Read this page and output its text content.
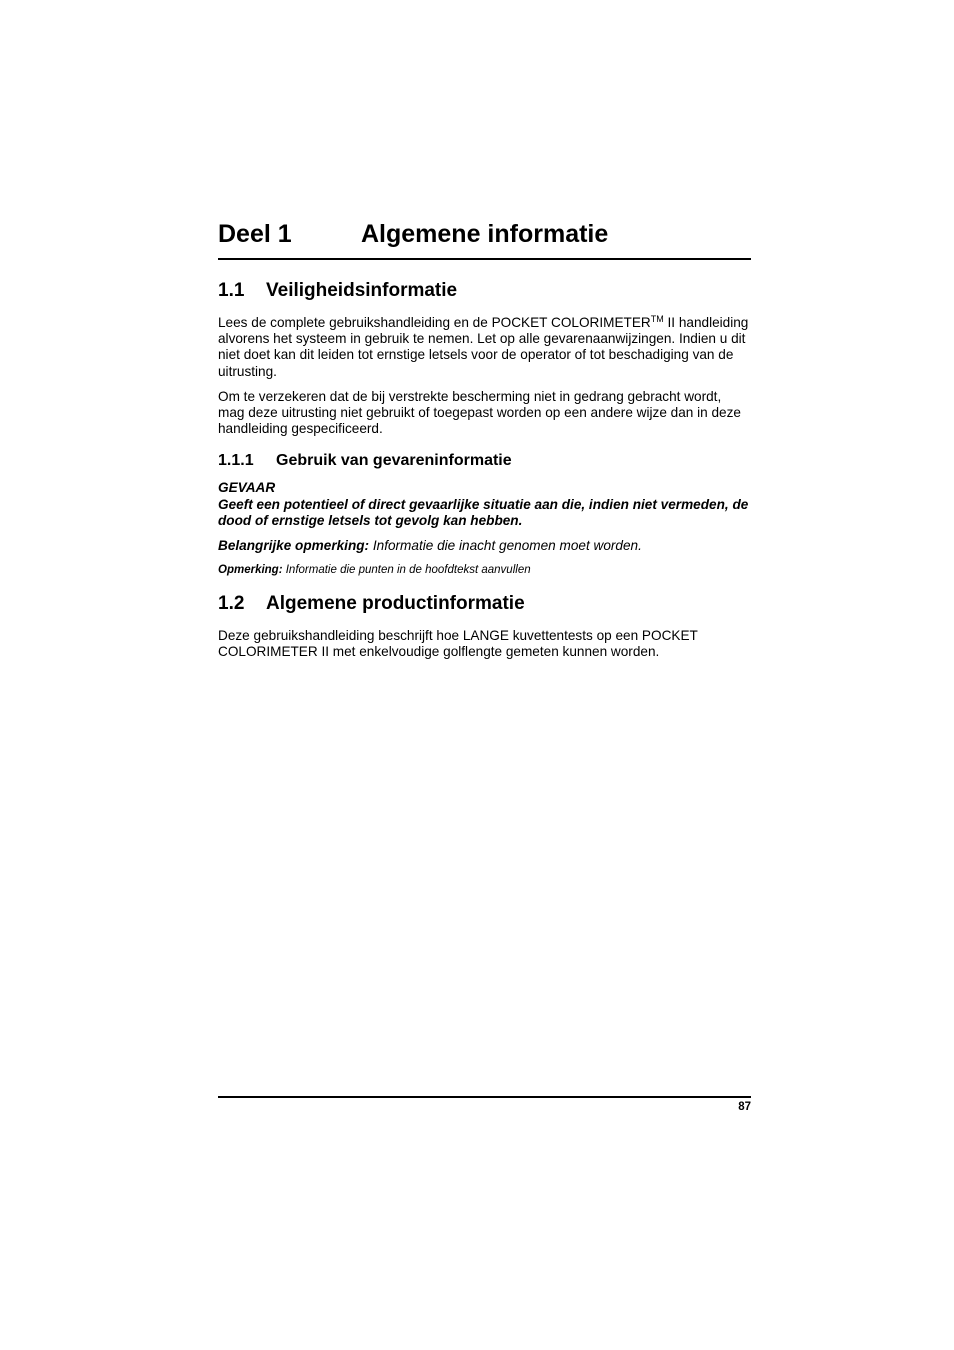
Deel 1	Algemene informatie
1.1 Veiligheidsinformatie

Lees de complete gebruikshandleiding en de POCKET COLORIMETER™ II handleiding alvorens het systeem in gebruik te nemen. Let op alle gevarenaanwijzingen. Indien u dit niet doet kan dit leiden tot ernstige letsels voor de operator of tot beschadiging van de uitrusting.

Om te verzekeren dat de bij verstrekte bescherming niet in gedrang gebracht wordt, mag deze uitrusting niet gebruikt of toegepast worden op een andere wijze dan in deze handleiding gespecificeerd.

1.1.1 Gebruik van gevareninformatie
GEVAAR
Geeft een potentieel of direct gevaarlijke situatie aan die, indien niet vermeden, de dood of ernstige letsels tot gevolg kan hebben.

Belangrijke opmerking: Informatie die inacht genomen moet worden.

Opmerking: Informatie die punten in de hoofdtekst aanvullen

1.2 Algemene productinformatie

Deze gebruikshandleiding beschrijft hoe LANGE kuvettentests op een POCKET COLORIMETER II met enkelvoudige golflengte gemeten kunnen worden.

87
